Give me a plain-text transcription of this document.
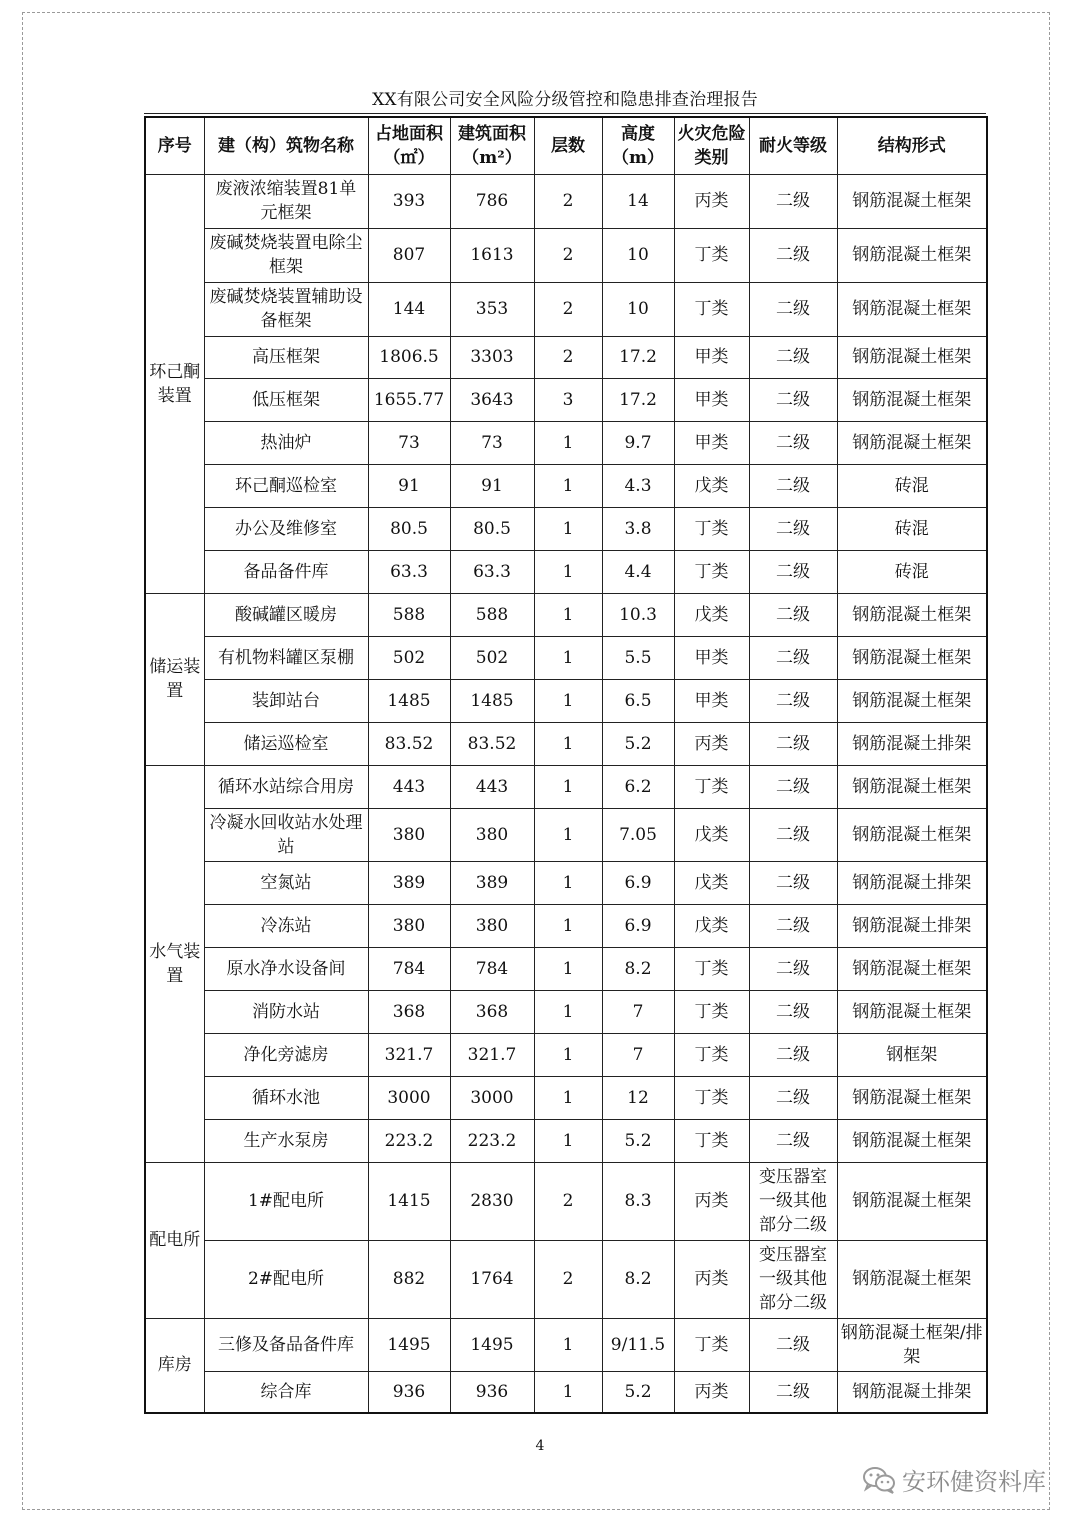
XX有限公司安全风险分级管控和隐患排查治理报告
序号	建（构）筑物名称	占地面积（㎡）	建筑面积（m²）	层数	高度（m）	火灾危险类别	耐火等级	结构形式
环己酮装置	废液浓缩装置81单元框架	393	786	2	14	丙类	二级	钢筋混凝土框架
	废碱焚烧装置电除尘框架	807	1613	2	10	丁类	二级	钢筋混凝土框架
	废碱焚烧装置辅助设备框架	144	353	2	10	丁类	二级	钢筋混凝土框架
	高压框架	1806.5	3303	2	17.2	甲类	二级	钢筋混凝土框架
	低压框架	1655.77	3643	3	17.2	甲类	二级	钢筋混凝土框架
	热油炉	73	73	1	9.7	甲类	二级	钢筋混凝土框架
	环己酮巡检室	91	91	1	4.3	戊类	二级	砖混
	办公及维修室	80.5	80.5	1	3.8	丁类	二级	砖混
	备品备件库	63.3	63.3	1	4.4	丁类	二级	砖混
储运装置	酸碱罐区暖房	588	588	1	10.3	戊类	二级	钢筋混凝土框架
	有机物料罐区泵棚	502	502	1	5.5	甲类	二级	钢筋混凝土框架
	装卸站台	1485	1485	1	6.5	甲类	二级	钢筋混凝土框架
	储运巡检室	83.52	83.52	1	5.2	丙类	二级	钢筋混凝土排架
水气装置	循环水站综合用房	443	443	1	6.2	丁类	二级	钢筋混凝土框架
	冷凝水回收站水处理站	380	380	1	7.05	戊类	二级	钢筋混凝土框架
	空氮站	389	389	1	6.9	戊类	二级	钢筋混凝土排架
	冷冻站	380	380	1	6.9	戊类	二级	钢筋混凝土排架
	原水净水设备间	784	784	1	8.2	丁类	二级	钢筋混凝土框架
	消防水站	368	368	1	7	丁类	二级	钢筋混凝土框架
	净化旁滤房	321.7	321.7	1	7	丁类	二级	钢框架
	循环水池	3000	3000	1	12	丁类	二级	钢筋混凝土框架
	生产水泵房	223.2	223.2	1	5.2	丁类	二级	钢筋混凝土框架
配电所	1#配电所	1415	2830	2	8.3	丙类	变压器室一级其他部分二级	钢筋混凝土框架
	2#配电所	882	1764	2	8.2	丙类	变压器室一级其他部分二级	钢筋混凝土框架
库房	三修及备品备件库	1495	1495	1	9/11.5	丁类	二级	钢筋混凝土框架/排架
	综合库	936	936	1	5.2	丙类	二级	钢筋混凝土排架
4
安环健资料库
